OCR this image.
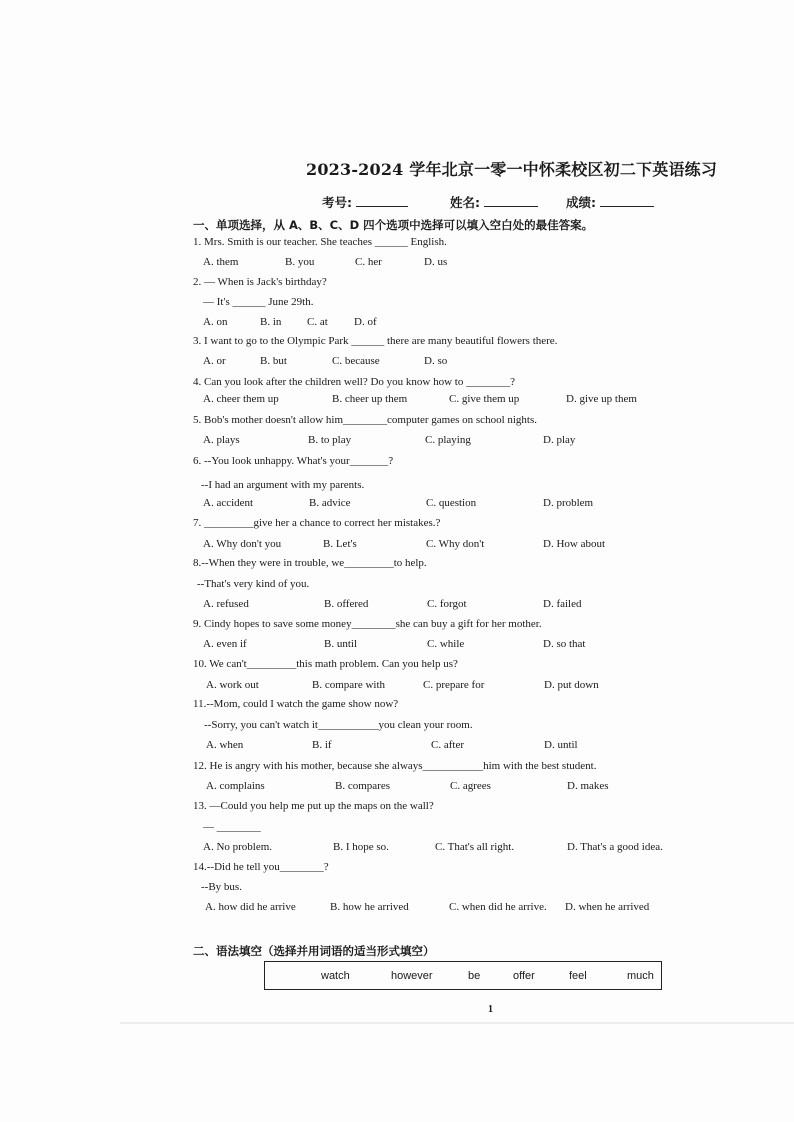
2023-2024 学年北京一零一中怀柔校区初二下英语练习
考号:	姓名:	成绩:
一、单项选择，从 A、B、C、D 四个选项中选择可以填入空白处的最佳答案。
1. Mrs. Smith is our teacher. She teaches ______ English.
A. them	B. you	C. her	D. us
2. — When is Jack's birthday?
— It's ______ June 29th.
A. on	B. in C. at D. of
3. I want to go to the Olympic Park ______ there are many beautiful flowers there.
A. or	B. but	C. because	D. so
4. Can you look after the children well? Do you know how to ________?
A. cheer them up	B. cheer up them	C. give them up	D. give up them
5. Bob's mother doesn't allow him________computer games on school nights.
A. plays	B. to play	C. playing	D. play
6. --You look unhappy. What's your_______?
--I had an argument with my parents.
A. accident	B. advice	C. question	D. problem
7. _________give her a chance to correct her mistakes.?
A. Why don't you	B. Let's	C. Why don't	D. How about
8.--When they were in trouble, we_________to help.
--That's very kind of you.
A. refused	B. offered	C. forgot	D. failed
9. Cindy hopes to save some money________she can buy a gift for her mother.
A. even if	B. until	C. while	D. so that
10. We can't_________this math problem. Can you help us?
A. work out	B. compare with	C. prepare for	D. put down
11.--Mom, could I watch the game show now?
--Sorry, you can't watch it___________you clean your room.
A. when	B. if	C. after	D. until
12. He is angry with his mother, because she always___________him with the best student.
A. complains	B. compares	C. agrees	D. makes
13. —Could you help me put up the maps on the wall?
— ________
A. No problem.	B. I hope so.	C. That's all right.	D. That's a good idea.
14.--Did he tell you________?
--By bus.
A. how did he arrive	B. how he arrived	C. when did he arrive. D. when he arrived
二、语法填空（选择并用词语的适当形式填空）
watch	however	be	offer	feel	much
1
